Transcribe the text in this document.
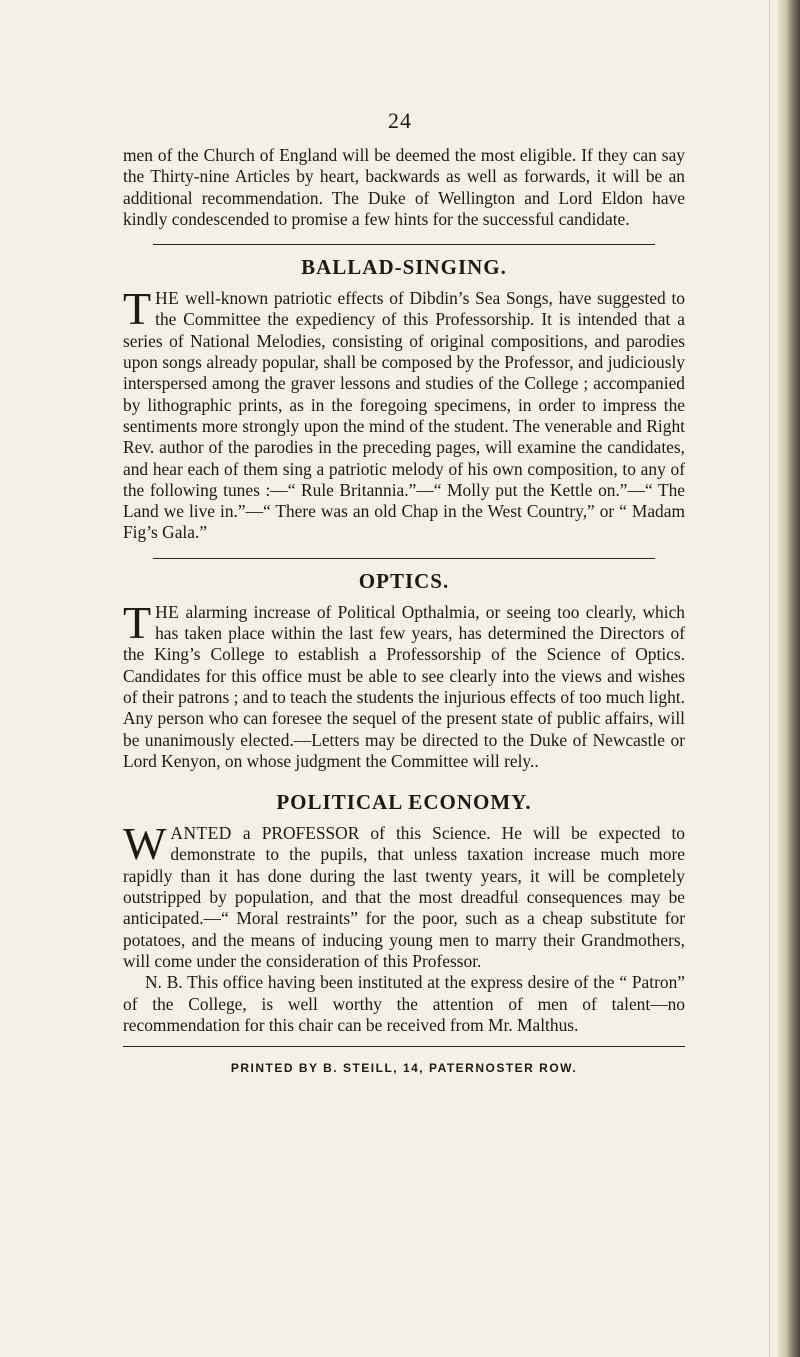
24

men of the Church of England will be deemed the most eligible. If they can say the Thirty-nine Articles by heart, backwards as well as forwards, it will be an additional recommendation. The Duke of Wellington and Lord Eldon have kindly condescended to promise a few hints for the successful candidate.

BALLAD-SINGING.

THE well-known patriotic effects of Dibdin’s Sea Songs, have suggested to the Committee the expediency of this Professorship. It is intended that a series of National Melodies, consisting of original compositions, and parodies upon songs already popular, shall be composed by the Professor, and judiciously interspersed among the graver lessons and studies of the College ; accompanied by lithographic prints, as in the foregoing specimens, in order to impress the sentiments more strongly upon the mind of the student. The venerable and Right Rev. author of the parodies in the preceding pages, will examine the candidates, and hear each of them sing a patriotic melody of his own composition, to any of the following tunes :—“ Rule Britannia.”—“ Molly put the Kettle on.”—“ The Land we live in.”—“ There was an old Chap in the West Country,” or “ Madam Fig’s Gala.”

OPTICS.

THE alarming increase of Political Opthalmia, or seeing too clearly, which has taken place within the last few years, has determined the Directors of the King’s College to establish a Professorship of the Science of Optics. Candidates for this office must be able to see clearly into the views and wishes of their patrons ; and to teach the students the injurious effects of too much light. Any person who can foresee the sequel of the present state of public affairs, will be unanimously elected.—Letters may be directed to the Duke of Newcastle or Lord Kenyon, on whose judgment the Committee will rely..

POLITICAL ECONOMY.

WANTED a PROFESSOR of this Science. He will be expected to demonstrate to the pupils, that unless taxation increase much more rapidly than it has done during the last twenty years, it will be completely outstripped by population, and that the most dreadful consequences may be anticipated.—“ Moral restraints” for the poor, such as a cheap substitute for potatoes, and the means of inducing young men to marry their Grandmothers, will come under the consideration of this Professor.

N. B. This office having been instituted at the express desire of the “ Patron” of the College, is well worthy the attention of men of talent—no recommendation for this chair can be received from Mr. Malthus.

PRINTED BY B. STEILL, 14, PATERNOSTER ROW.
